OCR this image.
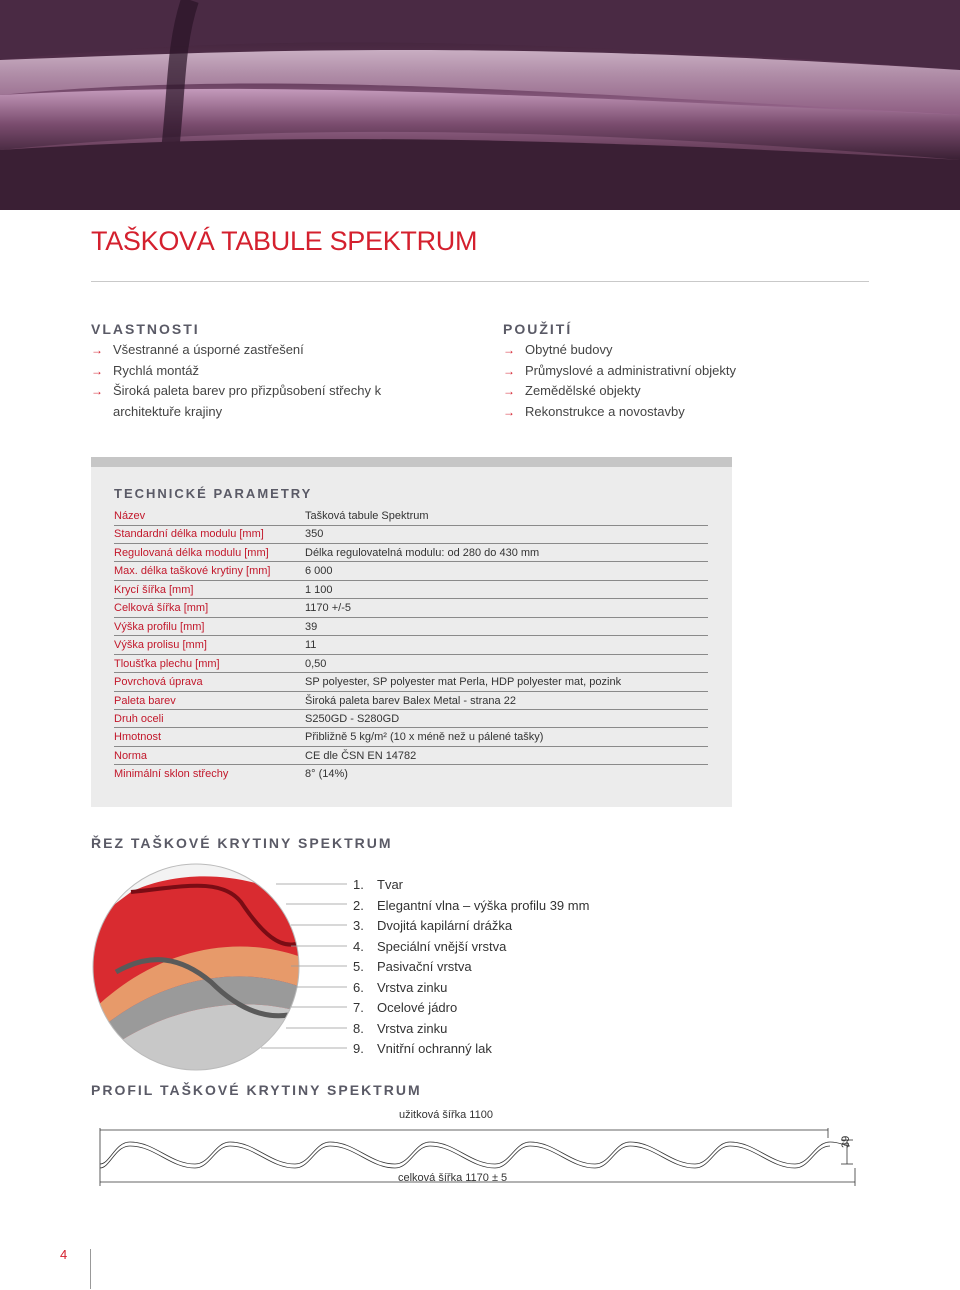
TAŠKOVÁ TABULE SPEKTRUM
VLASTNOSTI
→ Všestranné a úsporné zastřešení
→ Rychlá montáž
→ Široká paleta barev pro přizpůsobení střechy k architektuře krajiny
POUŽITÍ
→ Obytné budovy
→ Průmyslové a administrativní objekty
→ Zemědělské objekty
→ Rekonstrukce a novostavby
TECHNICKÉ PARAMETRY
Název	Tašková tabule Spektrum
Standardní délka modulu [mm]	350
Regulovaná délka modulu [mm]	Délka regulovatelná modulu: od 280 do 430 mm
Max. délka taškové krytiny [mm]	6 000
Krycí šířka [mm]	1 100
Celková šířka [mm]	1170 +/-5
Výška profilu [mm]	39
Výška prolisu [mm]	11
Tloušťka plechu [mm]	0,50
Povrchová úprava	SP polyester, SP polyester mat Perla, HDP polyester mat, pozink
Paleta barev	Široká paleta barev Balex Metal - strana 22
Druh oceli	S250GD - S280GD
Hmotnost	Přibližně 5 kg/m² (10 x méně než u pálené tašky)
Norma	CE dle ČSN EN 14782
Minimální sklon střechy	8° (14%)
ŘEZ TAŠKOVÉ KRYTINY SPEKTRUM
1. Tvar
2. Elegantní vlna – výška profilu 39 mm
3. Dvojitá kapilární drážka
4. Speciální vnější vrstva
5. Pasivační vrstva
6. Vrstva zinku
7. Ocelové jádro
8. Vrstva zinku
9. Vnitřní ochranný lak
PROFIL TAŠKOVÉ KRYTINY SPEKTRUM
užitková šířka 1100
celková šířka 1170 ± 5
39
4
